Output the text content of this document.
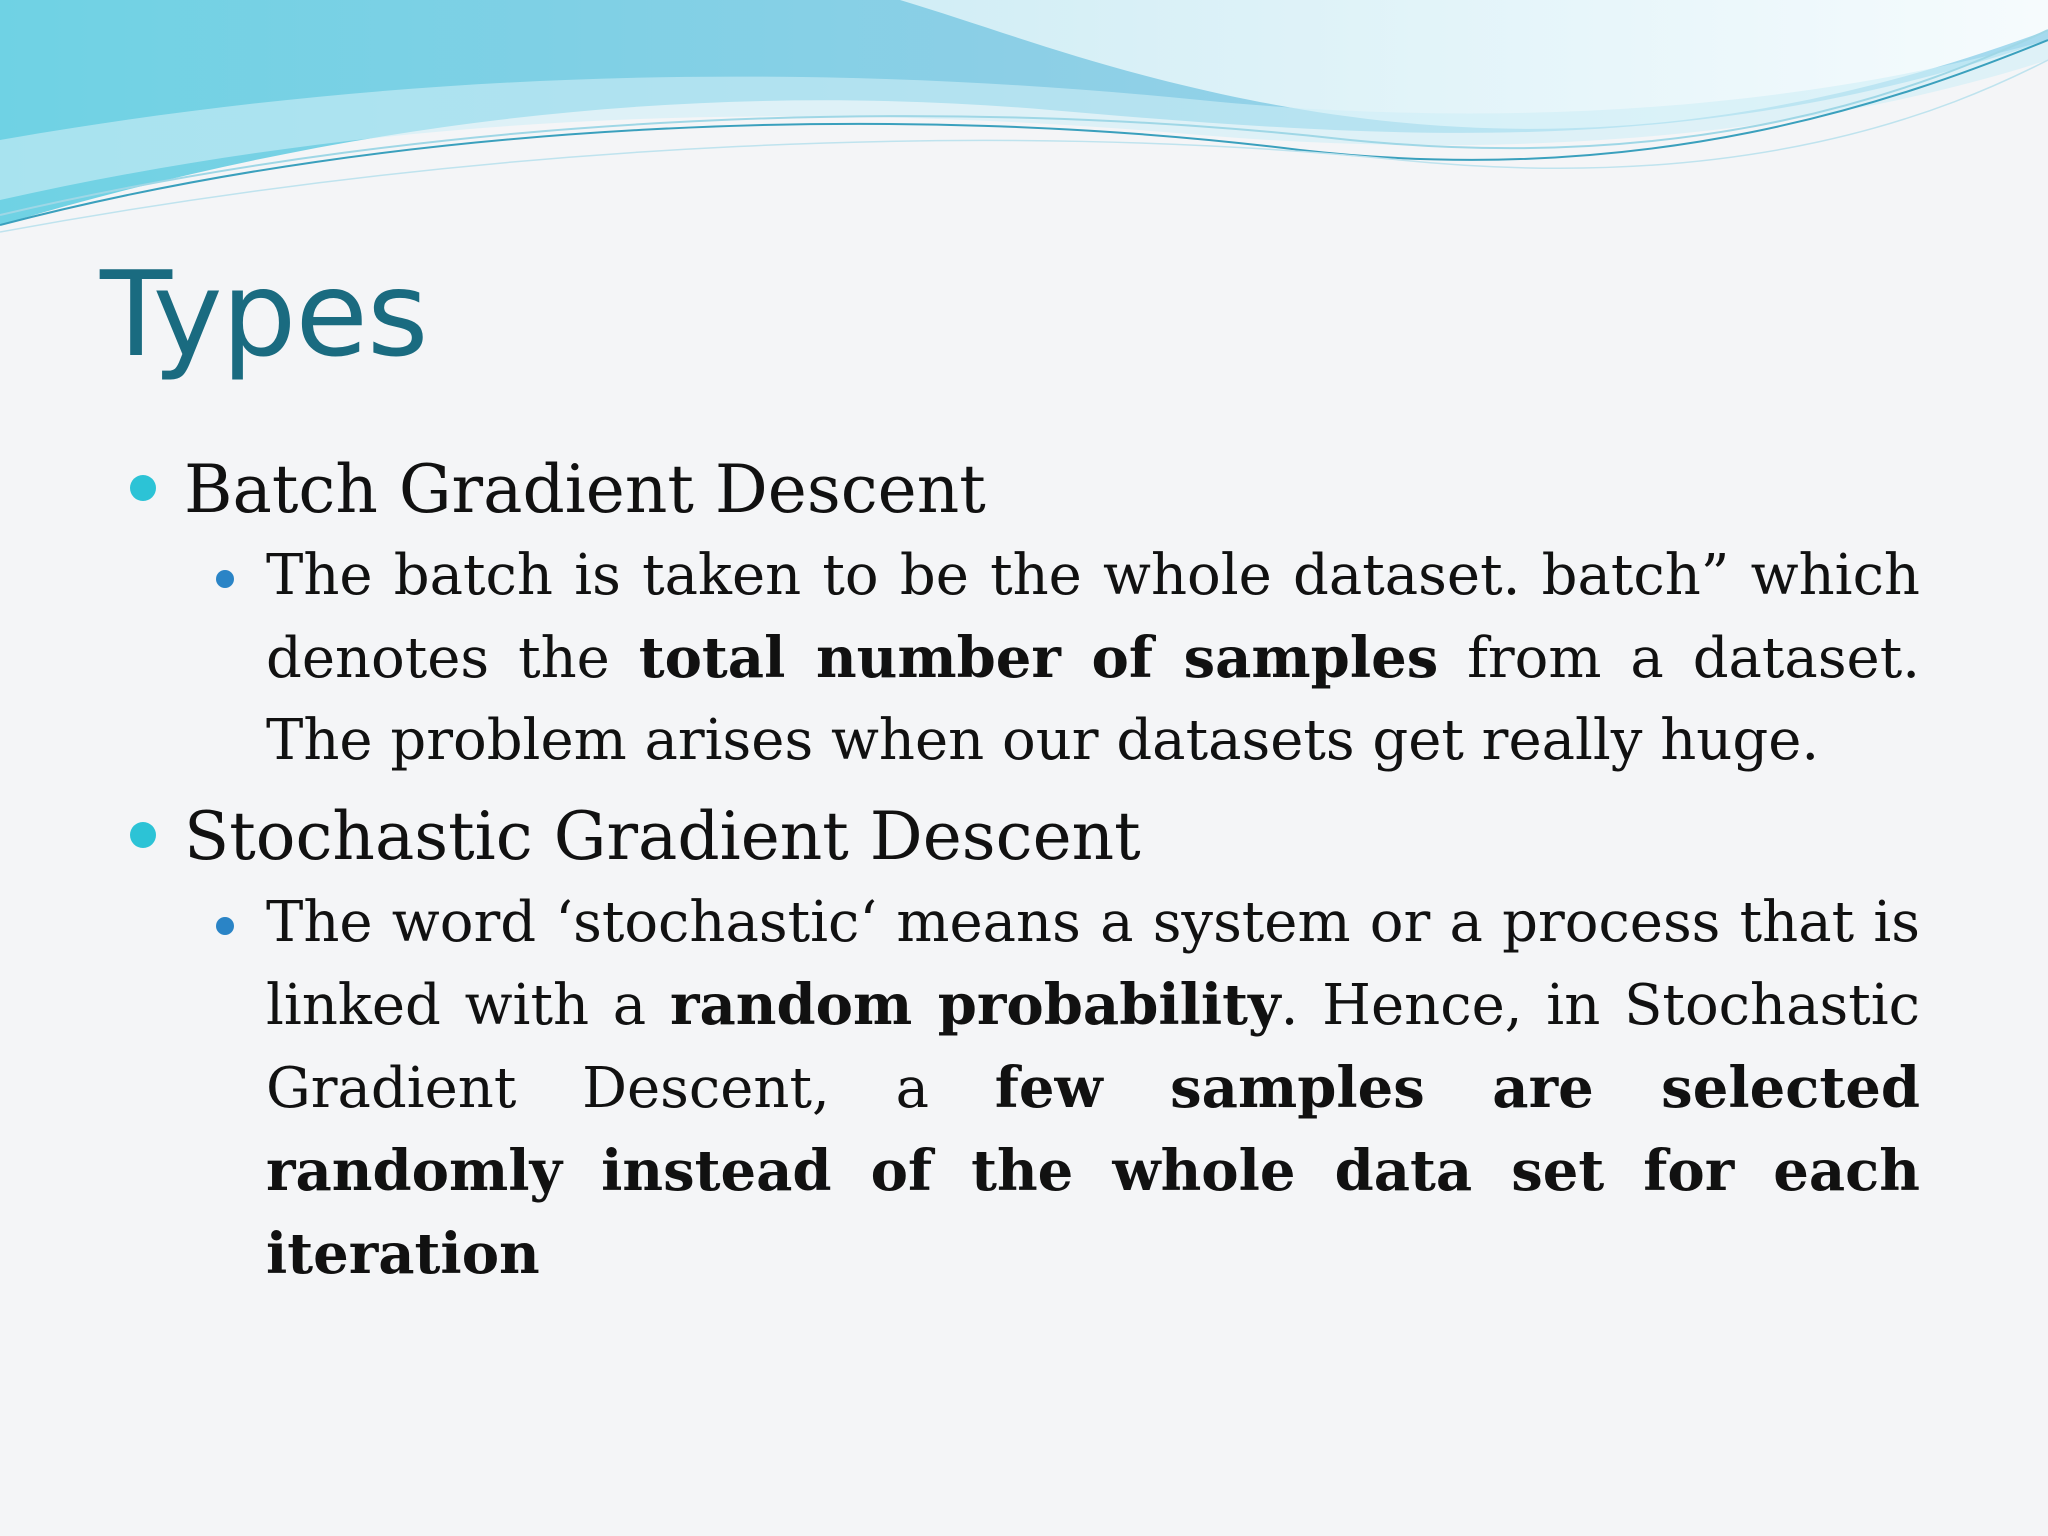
Types
Batch Gradient Descent
The batch is taken to be the whole dataset. batch” which denotes the total number of samples from a dataset. The problem arises when our datasets get really huge.
Stochastic Gradient Descent
The word ‘stochastic‘ means a system or a process that is linked with a random probability. Hence, in Stochastic Gradient Descent, a few samples are selected randomly instead of the whole data set for each iteration
